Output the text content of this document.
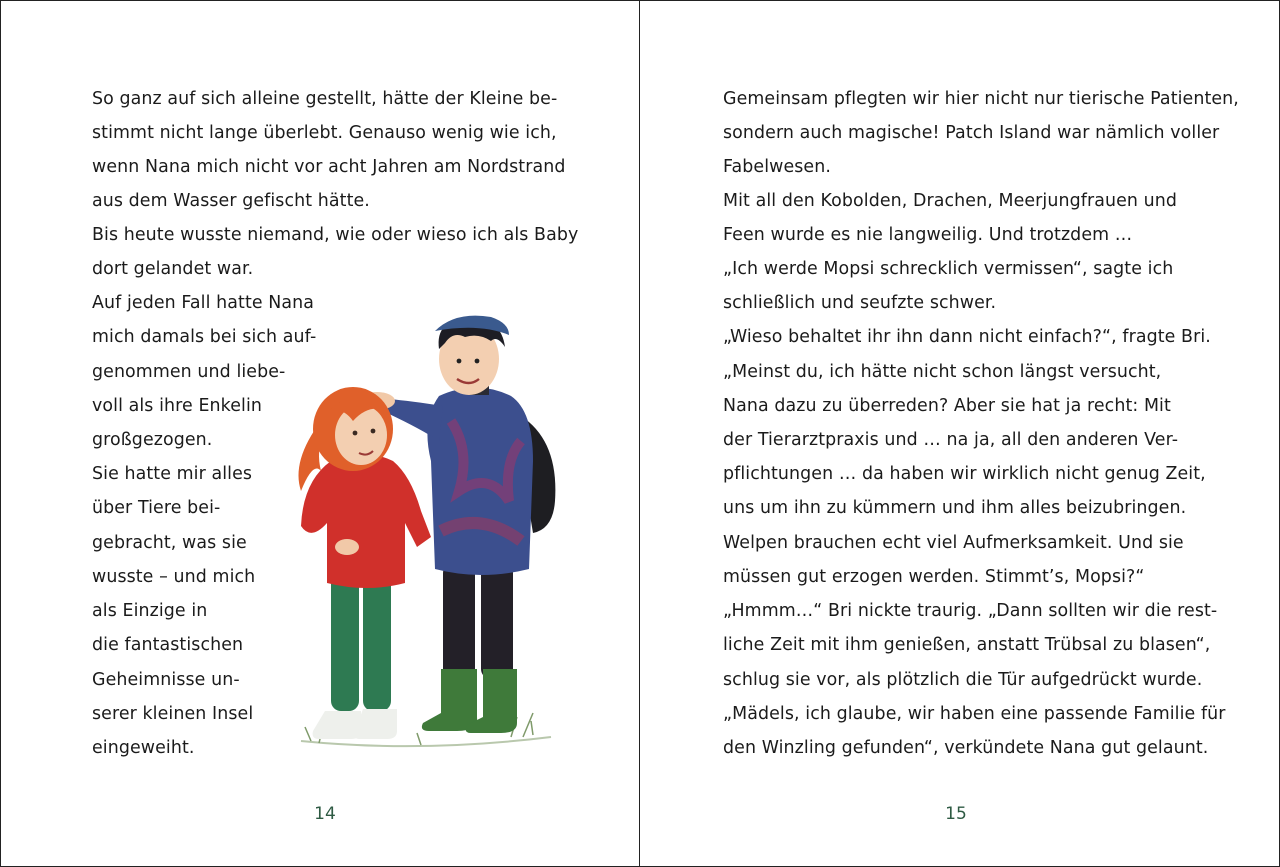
So ganz auf sich alleine gestellt, hätte der Kleine be-
stimmt nicht lange überlebt. Genauso wenig wie ich,
wenn Nana mich nicht vor acht Jahren am Nordstrand
aus dem Wasser gefischt hätte.
Bis heute wusste niemand, wie oder wieso ich als Baby
dort gelandet war.
Auf jeden Fall hatte Nana
mich damals bei sich auf-
genommen und liebe-
voll als ihre Enkelin
großgezogen.
Sie hatte mir alles
über Tiere bei-
gebracht, was sie
wusste – und mich
als Einzige in
die fantastischen
Geheimnisse un-
serer kleinen Insel
eingeweiht.
14
Gemeinsam pflegten wir hier nicht nur tierische Patienten,
sondern auch magische! Patch Island war nämlich voller
Fabelwesen.
Mit all den Kobolden, Drachen, Meerjungfrauen und
Feen wurde es nie langweilig. Und trotzdem …
„Ich werde Mopsi schrecklich vermissen“, sagte ich
schließlich und seufzte schwer.
„Wieso behaltet ihr ihn dann nicht einfach?“, fragte Bri.
„Meinst du, ich hätte nicht schon längst versucht,
Nana dazu zu überreden? Aber sie hat ja recht: Mit
der Tierarztpraxis und … na ja, all den anderen Ver-
pflichtungen … da haben wir wirklich nicht genug Zeit,
uns um ihn zu kümmern und ihm alles beizubringen.
Welpen brauchen echt viel Aufmerksamkeit. Und sie
müssen gut erzogen werden. Stimmt’s, Mopsi?“
„Hmmm…“ Bri nickte traurig. „Dann sollten wir die rest-
liche Zeit mit ihm genießen, anstatt Trübsal zu blasen“,
schlug sie vor, als plötzlich die Tür aufgedrückt wurde.
„Mädels, ich glaube, wir haben eine passende Familie für
den Winzling gefunden“, verkündete Nana gut gelaunt.
15
